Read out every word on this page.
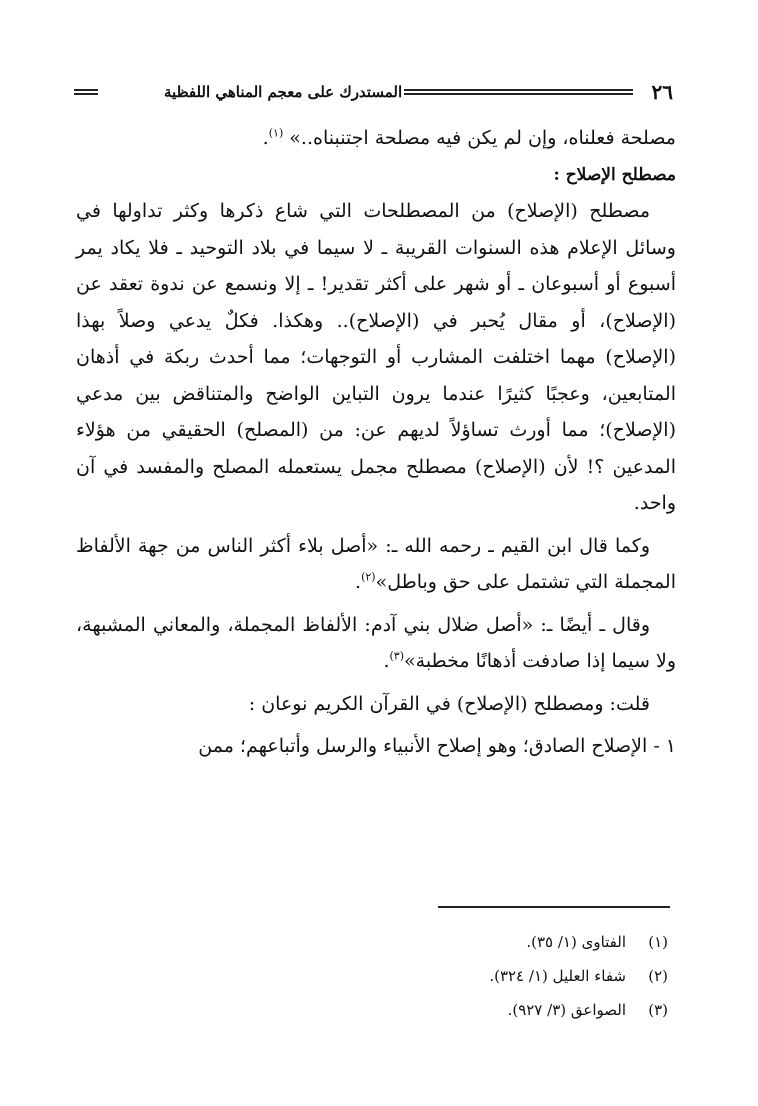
٢٦
المستدرك على معجم المناهي اللفظية

مصلحة فعلناه، وإن لم يكن فيه مصلحة اجتنبناه..» $^{(١)}$.

مصطلح الإصلاح :

مصطلح (الإصلاح) من المصطلحات التي شاع ذكرها وكثر تداولها في وسائل الإعلام هذه السنوات القريبة ـ لا سيما في بلاد التوحيد ـ فلا يكاد يمر أسبوع أو أسبوعان ـ أو شهر على أكثر تقدير! ـ إلا ونسمع عن ندوة تعقد عن (الإصلاح)، أو مقال يُحبر في (الإصلاح).. وهكذا. فكلٌ يدعي وصلاً بهذا (الإصلاح) مهما اختلفت المشارب أو التوجهات؛ مما أحدث ربكة في أذهان المتابعين، وعجبًا كثيرًا عندما يرون التباين الواضح والمتناقض بين مدعي (الإصلاح)؛ مما أورث تساؤلاً لديهم عن: من (المصلح) الحقيقي من هؤلاء المدعين ؟! لأن (الإصلاح) مصطلح مجمل يستعمله المصلح والمفسد في آن واحد.

وكما قال ابن القيم ـ رحمه الله ـ: «أصل بلاء أكثر الناس من جهة الألفاظ المجملة التي تشتمل على حق وباطل»$^{(٢)}$.

وقال ـ أيضًا ـ: «أصل ضلال بني آدم: الألفاظ المجملة، والمعاني المشبهة، ولا سيما إذا صادفت أذهانًا مخطبة»$^{(٣)}$.

قلت: ومصطلح (الإصلاح) في القرآن الكريم نوعان :

١ - الإصلاح الصادق؛ وهو إصلاح الأنبياء والرسل وأتباعهم؛ ممن

(١)
الفتاوى (١/ ٣٥).
(٢)
شفاء العليل (١/ ٣٢٤).
(٣)
الصواعق (٣/ ٩٢٧).
